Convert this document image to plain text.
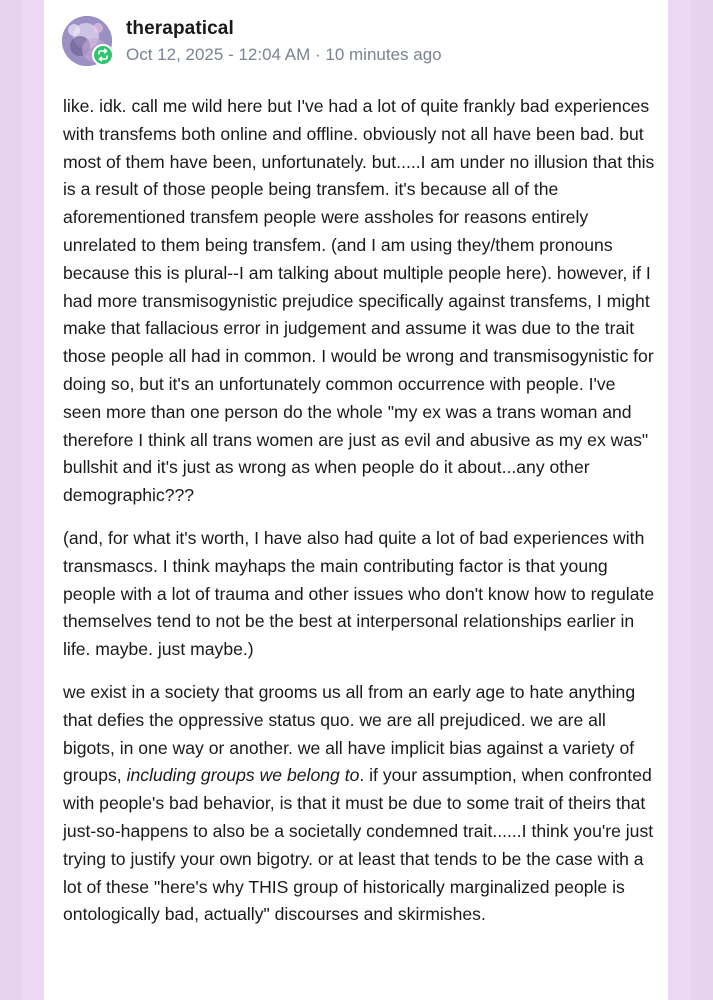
therapatical
Oct 12, 2025 - 12:04 AM · 10 minutes ago

like. idk. call me wild here but I've had a lot of quite frankly bad experiences with transfems both online and offline. obviously not all have been bad. but most of them have been, unfortunately. but.....I am under no illusion that this is a result of those people being transfem. it's because all of the aforementioned transfem people were assholes for reasons entirely unrelated to them being transfem. (and I am using they/them pronouns because this is plural--I am talking about multiple people here). however, if I had more transmisogynistic prejudice specifically against transfems, I might make that fallacious error in judgement and assume it was due to the trait those people all had in common. I would be wrong and transmisogynistic for doing so, but it's an unfortunately common occurrence with people. I've seen more than one person do the whole "my ex was a trans woman and therefore I think all trans women are just as evil and abusive as my ex was" bullshit and it's just as wrong as when people do it about...any other demographic???

(and, for what it's worth, I have also had quite a lot of bad experiences with transmascs. I think mayhaps the main contributing factor is that young people with a lot of trauma and other issues who don't know how to regulate themselves tend to not be the best at interpersonal relationships earlier in life. maybe. just maybe.)

we exist in a society that grooms us all from an early age to hate anything that defies the oppressive status quo. we are all prejudiced. we are all bigots, in one way or another. we all have implicit bias against a variety of groups, including groups we belong to. if your assumption, when confronted with people's bad behavior, is that it must be due to some trait of theirs that just-so-happens to also be a societally condemned trait......I think you're just trying to justify your own bigotry. or at least that tends to be the case with a lot of these "here's why THIS group of historically marginalized people is ontologically bad, actually" discourses and skirmishes.
